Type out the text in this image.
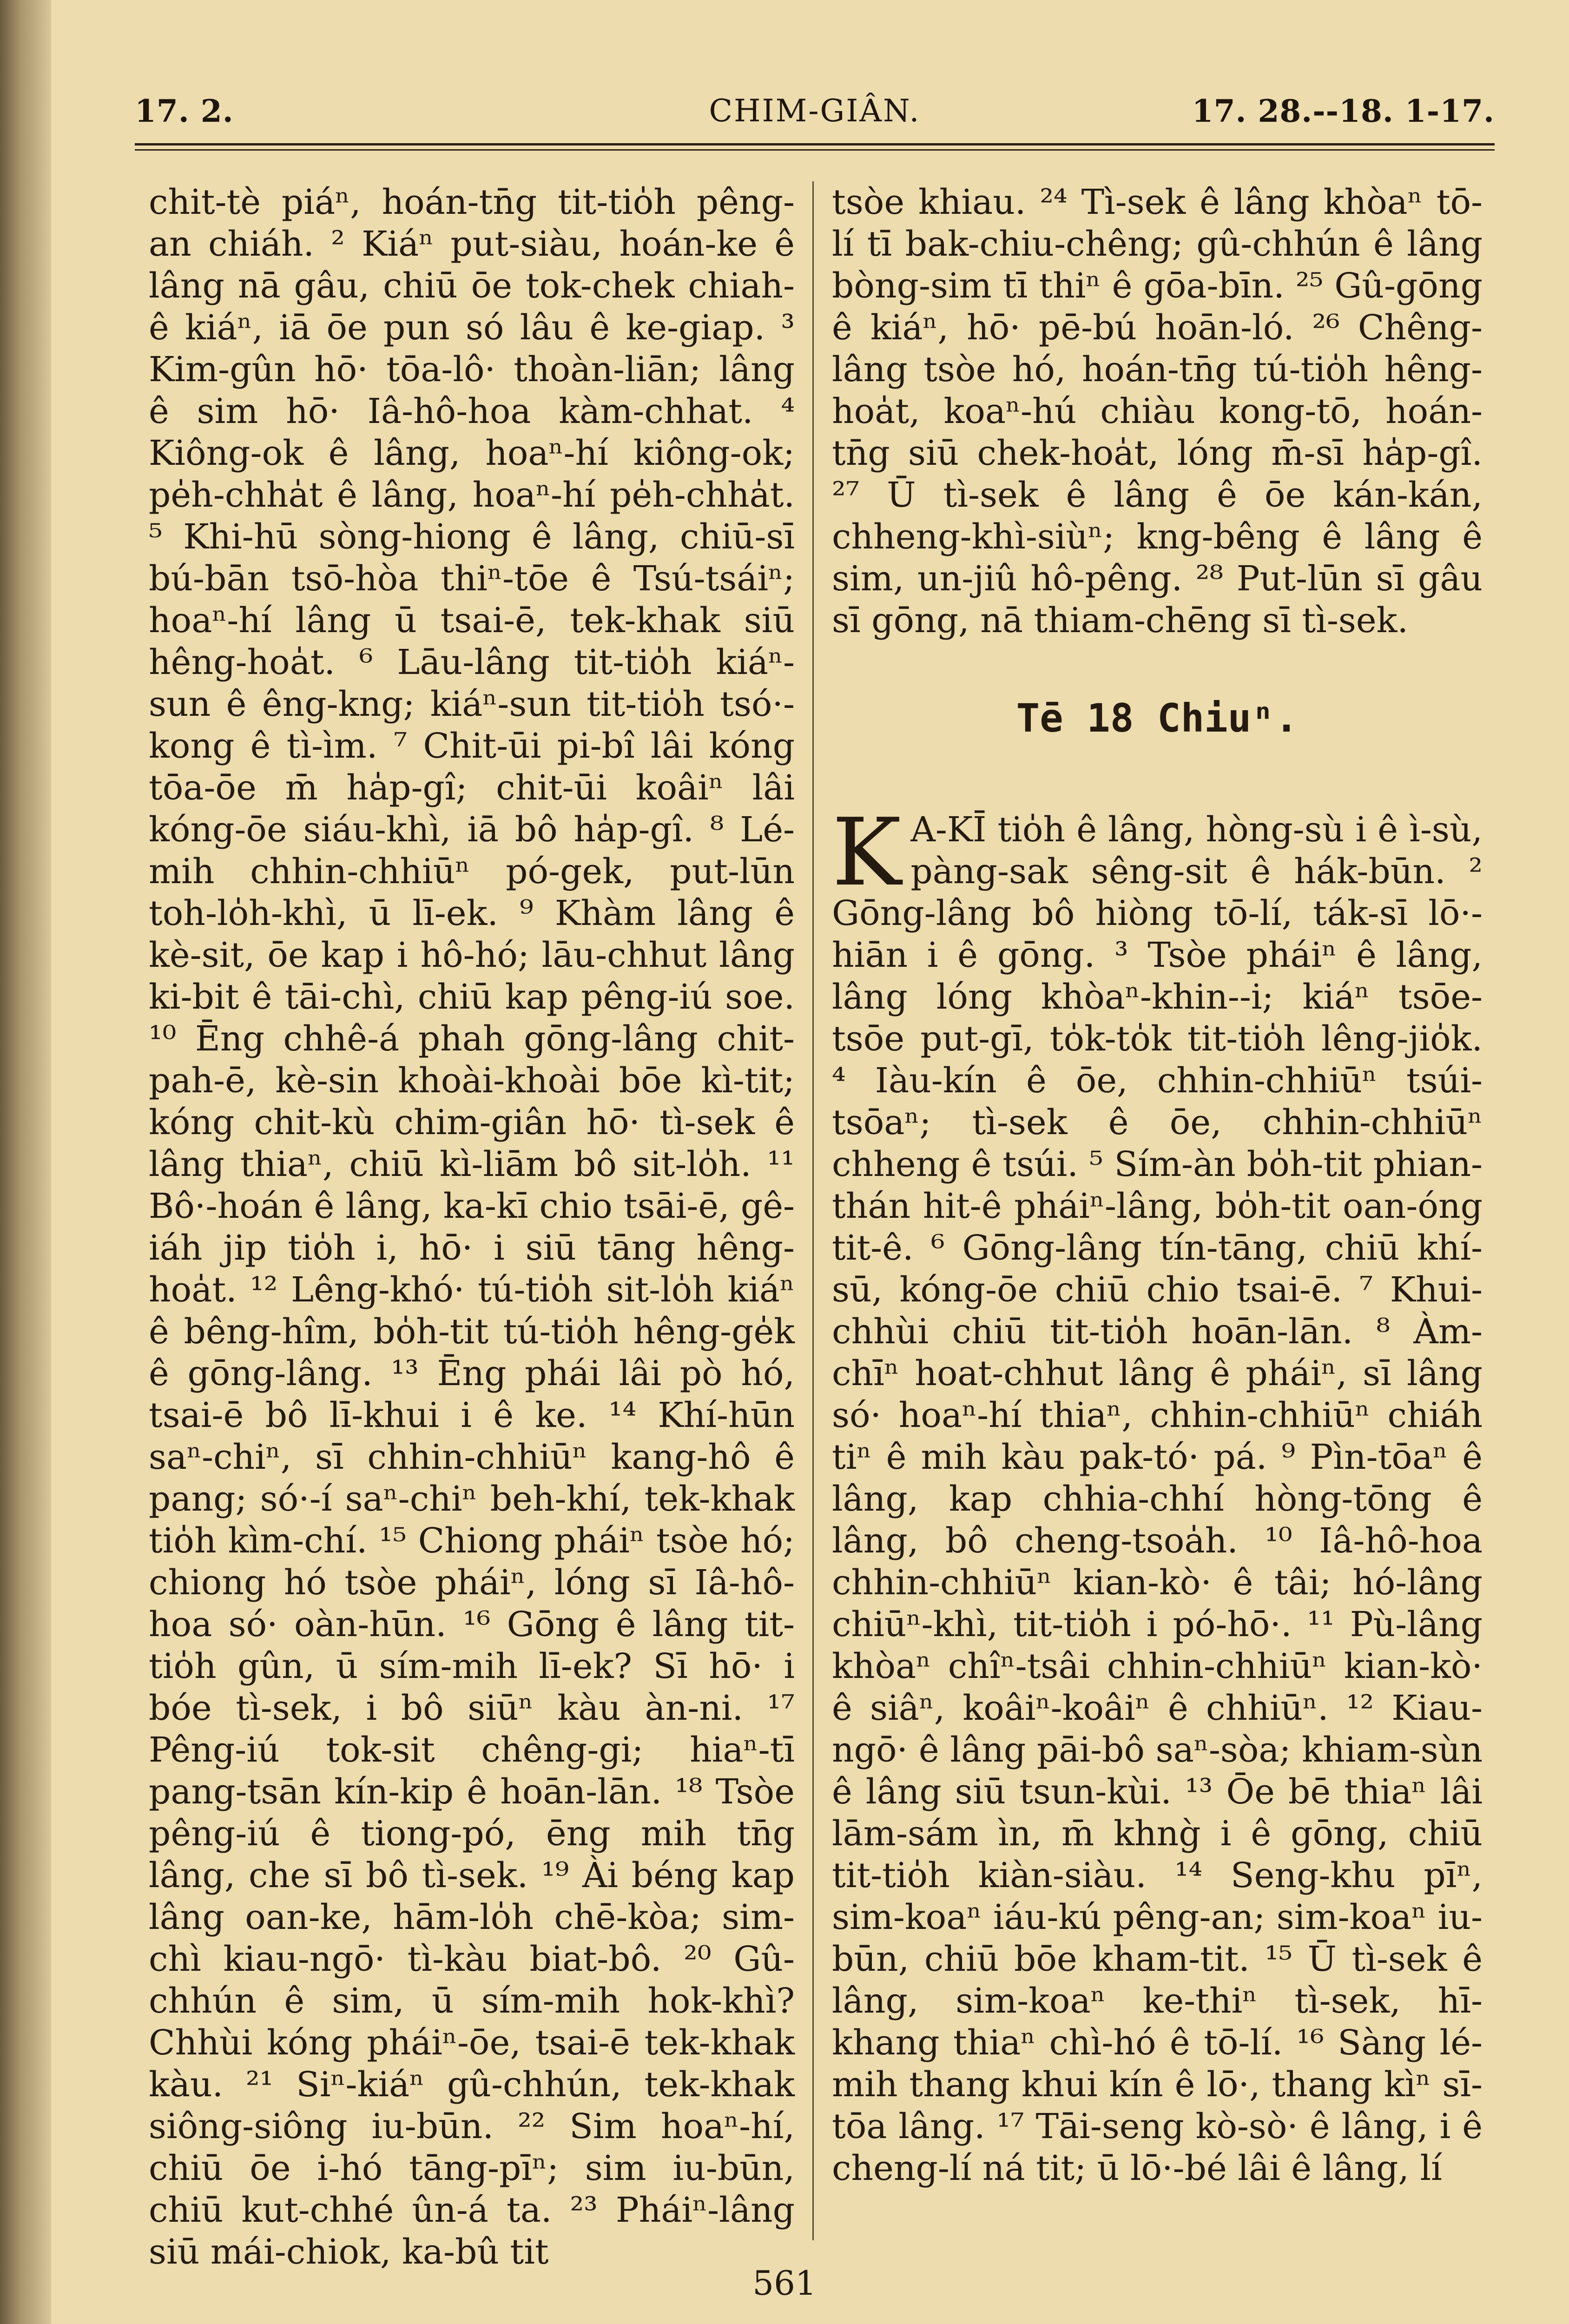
17. 2.	CHIM-GIÂN.	17. 28.--18. 1-17.

chit-tè piáⁿ, hoán-tn̄g tit-tio̍h pêng-an chiáh. ² Kiáⁿ put-siàu, hoán-ke ê lâng nā gâu, chiū ōe tok-chek chiah-ê kiáⁿ, iā ōe pun só lâu ê ke-giap. ³ Kim-gûn hō· tōa-lô· thoàn-liān; lâng ê sim hō· Iâ-hô-hoa kàm-chhat. ⁴ Kiông-ok ê lâng, hoaⁿ-hí kiông-ok; pe̍h-chha̍t ê lâng, hoaⁿ-hí pe̍h-chha̍t. ⁵ Khi-hū sòng-hiong ê lâng, chiū-sī bú-bān tsō-hòa thiⁿ-tōe ê Tsú-tsáiⁿ; hoaⁿ-hí lâng ū tsai-ē, tek-khak siū hêng-hoa̍t. ⁶ Lāu-lâng tit-tio̍h kiáⁿ-sun ê êng-kng; kiáⁿ-sun tit-tio̍h tsó·-kong ê tì-ìm. ⁷ Chit-ūi pi-bî lâi kóng tōa-ōe m̄ ha̍p-gî; chit-ūi koâiⁿ lâi kóng-ōe siáu-khì, iā bô ha̍p-gî. ⁸ Lé-mih chhin-chhiūⁿ pó-gek, put-lūn toh-lo̍h-khì, ū lī-ek. ⁹ Khàm lâng ê kè-sit, ōe kap i hô-hó; lāu-chhut lâng ki-bit ê tāi-chì, chiū kap pêng-iú soe. ¹⁰ Ēng chhê-á phah gōng-lâng chit-pah-ē, kè-sin khoài-khoài bōe kì-tit; kóng chit-kù chim-giân hō· tì-sek ê lâng thiaⁿ, chiū kì-liām bô sit-lo̍h. ¹¹ Bô·-hoán ê lâng, ka-kī chio tsāi-ē, gê-iáh jip tio̍h i, hō· i siū tāng hêng-hoa̍t. ¹² Lêng-khó· tú-tio̍h sit-lo̍h kiáⁿ ê bêng-hîm, bo̍h-tit tú-tio̍h hêng-ge̍k ê gōng-lâng. ¹³ Ēng phái lâi pò hó, tsai-ē bô lī-khui i ê ke. ¹⁴ Khí-hūn saⁿ-chiⁿ, sī chhin-chhiūⁿ kang-hô ê pang; só·-í saⁿ-chiⁿ beh-khí, tek-khak tio̍h kìm-chí. ¹⁵ Chiong pháiⁿ tsòe hó; chiong hó tsòe pháiⁿ, lóng sī Iâ-hô-hoa só· oàn-hūn. ¹⁶ Gōng ê lâng tit-tio̍h gûn, ū sím-mih lī-ek? Sī hō· i bóe tì-sek, i bô siūⁿ kàu àn-ni. ¹⁷ Pêng-iú tok-sit chêng-gi; hiaⁿ-tī pang-tsān kín-kip ê hoān-lān. ¹⁸ Tsòe pêng-iú ê tiong-pó, ēng mih tn̄g lâng, che sī bô tì-sek. ¹⁹ Ài béng kap lâng oan-ke, hām-lo̍h chē-kòa; sim-chì kiau-ngō· tì-kàu biat-bô. ²⁰ Gû-chhún ê sim, ū sím-mih hok-khì? Chhùi kóng pháiⁿ-ōe, tsai-ē tek-khak kàu. ²¹ Siⁿ-kiáⁿ gû-chhún, tek-khak siông-siông iu-būn. ²² Sim hoaⁿ-hí, chiū ōe i-hó tāng-pīⁿ; sim iu-būn, chiū kut-chhé ûn-á ta. ²³ Pháiⁿ-lâng siū mái-chiok, ka-bû tit

tsòe khiau. ²⁴ Tì-sek ê lâng khòaⁿ tō-lí tī bak-chiu-chêng; gû-chhún ê lâng bòng-sim tī thiⁿ ê gōa-bīn. ²⁵ Gû-gōng ê kiáⁿ, hō· pē-bú hoān-ló. ²⁶ Chêng-lâng tsòe hó, hoán-tn̄g tú-tio̍h hêng-hoa̍t, koaⁿ-hú chiàu kong-tō, hoán-tn̄g siū chek-hoa̍t, lóng m̄-sī ha̍p-gî. ²⁷ Ū tì-sek ê lâng ê ōe kán-kán, chheng-khì-siùⁿ; kng-bêng ê lâng ê sim, un-jiû hô-pêng. ²⁸ Put-lūn sī gâu sī gōng, nā thiam-chēng sī tì-sek.

Tē 18 Chiuⁿ.

K A-KĪ tio̍h ê lâng, hòng-sù i ê ì-sù, pàng-sak sêng-sit ê hák-būn. ² Gōng-lâng bô hiòng tō-lí, ták-sī lō·-hiān i ê gōng. ³ Tsòe pháiⁿ ê lâng, lâng lóng khòaⁿ-khin--i; kiáⁿ tsōe-tsōe put-gī, to̍k-to̍k tit-tio̍h lêng-jio̍k. ⁴ Iàu-kín ê ōe, chhin-chhiūⁿ tsúi-tsōaⁿ; tì-sek ê ōe, chhin-chhiūⁿ chheng ê tsúi. ⁵ Sím-àn bo̍h-tit phian-thán hit-ê pháiⁿ-lâng, bo̍h-tit oan-óng tit-ê. ⁶ Gōng-lâng tín-tāng, chiū khí-sū, kóng-ōe chiū chio tsai-ē. ⁷ Khui-chhùi chiū tit-tio̍h hoān-lān. ⁸ Àm-chīⁿ hoat-chhut lâng ê pháiⁿ, sī lâng só· hoaⁿ-hí thiaⁿ, chhin-chhiūⁿ chiáh tiⁿ ê mih kàu pak-tó· pá. ⁹ Pìn-tōaⁿ ê lâng, kap chhia-chhí hòng-tōng ê lâng, bô cheng-tsoa̍h. ¹⁰ Iâ-hô-hoa chhin-chhiūⁿ kian-kò· ê tâi; hó-lâng chiūⁿ-khì, tit-tio̍h i pó-hō·. ¹¹ Pù-lâng khòaⁿ chîⁿ-tsâi chhin-chhiūⁿ kian-kò· ê siâⁿ, koâiⁿ-koâiⁿ ê chhiūⁿ. ¹² Kiau-ngō· ê lâng pāi-bô saⁿ-sòa; khiam-sùn ê lâng siū tsun-kùi. ¹³ Ōe bē thiaⁿ lâi lām-sám ìn, m̄ khng̀ i ê gōng, chiū tit-tio̍h kiàn-siàu. ¹⁴ Seng-khu pīⁿ, sim-koaⁿ iáu-kú pêng-an; sim-koaⁿ iu-būn, chiū bōe kham-tit. ¹⁵ Ū tì-sek ê lâng, sim-koaⁿ ke-thiⁿ tì-sek, hī-khang thiaⁿ chì-hó ê tō-lí. ¹⁶ Sàng lé-mih thang khui kín ê lō·, thang kìⁿ sī-tōa lâng. ¹⁷ Tāi-seng kò-sò· ê lâng, i ê cheng-lí ná tit; ū lō·-bé lâi ê lâng, lí

561
